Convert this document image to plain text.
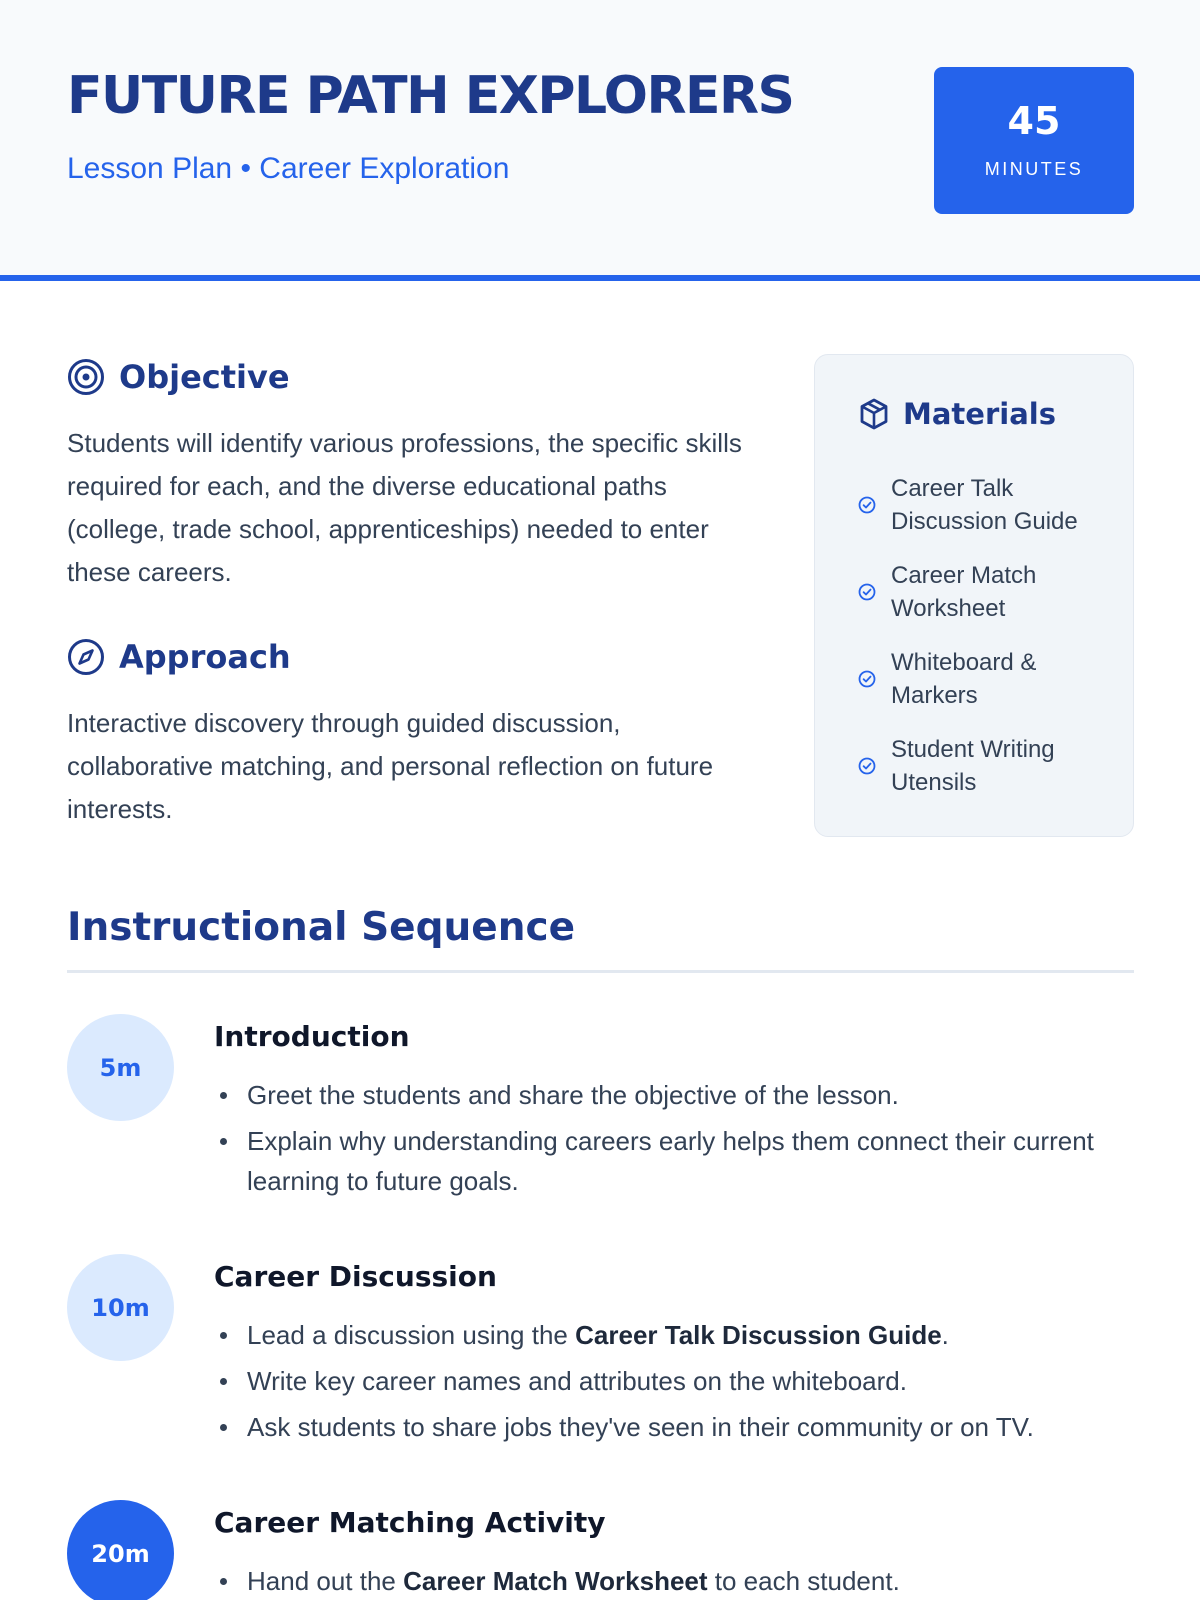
FUTURE PATH EXPLORERS
Lesson Plan • Career Exploration
45
MINUTES
Objective

Students will identify various professions, the specific skills required for each, and the diverse educational paths (college, trade school, apprenticeships) needed to enter these careers.

Approach

Interactive discovery through guided discussion, collaborative matching, and personal reflection on future interests.

Materials
Career Talk Discussion Guide
Career Match Worksheet
Whiteboard & Markers
Student Writing Utensils
Instructional Sequence
5m
Introduction
Greet the students and share the objective of the lesson.
Explain why understanding careers early helps them connect their current learning to future goals.
10m
Career Discussion
Lead a discussion using the Career Talk Discussion Guide.
Write key career names and attributes on the whiteboard.
Ask students to share jobs they've seen in their community or on TV.
20m
Career Matching Activity
Hand out the Career Match Worksheet to each student.
